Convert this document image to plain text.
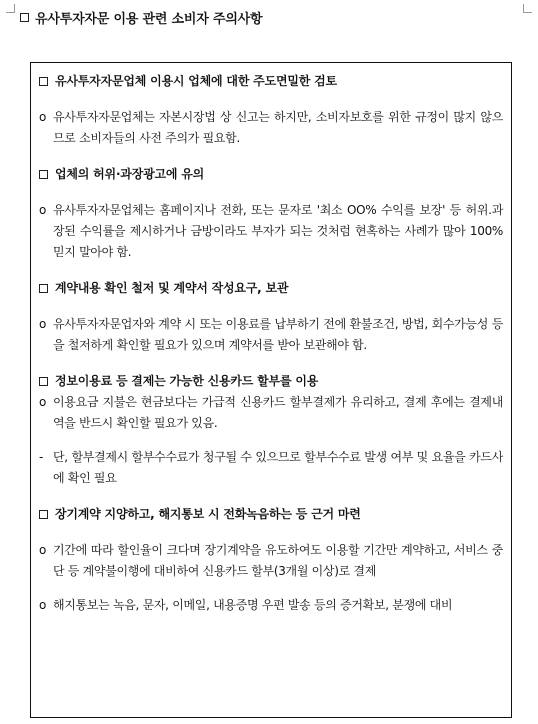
유사투자자문 이용 관련 소비자 주의사항
유사투자자문업체 이용시 업체에 대한 주도면밀한 검토
o 유사투자자문업체는 자본시장법 상 신고는 하지만, 소비자보호를 위한 규정이 많지 않으므로 소비자들의 사전 주의가 필요함.
업체의 허위·과장광고에 유의
o 유사투자자문업체는 홈페이지나 전화, 또는 문자로 '최소 OO% 수익를 보장' 등 허위.과장된 수익률을 제시하거나 금방이라도 부자가 되는 것처럼 현혹하는 사례가 많아 100% 믿지 말아야 함.
계약내용 확인 철저 및 계약서 작성요구, 보관
o 유사투자자문업자와 계약 시 또는 이용료를 납부하기 전에 환불조건, 방법, 회수가능성 등을 철저하게 확인할 필요가 있으며 계약서를 받아 보관해야 함.
정보이용료 등 결제는 가능한 신용카드 할부를 이용
o 이용요금 지불은 현금보다는 가급적 신용카드 할부결제가 유리하고, 결제 후에는 결제내역을 반드시 확인할 필요가 있음.
- 단, 할부결제시 할부수수료가 청구될 수 있으므로 할부수수료 발생 여부 및 요율을 카드사에 확인 필요
장기계약 지양하고, 해지통보 시 전화녹음하는 등 근거 마련
o 기간에 따라 할인율이 크다며 장기계약을 유도하여도 이용할 기간만 계약하고, 서비스 중단 등 계약불이행에 대비하여 신용카드 할부(3개월 이상)로 결제
o 해지통보는 녹음, 문자, 이메일, 내용증명 우편 발송 등의 증거확보, 분쟁에 대비
